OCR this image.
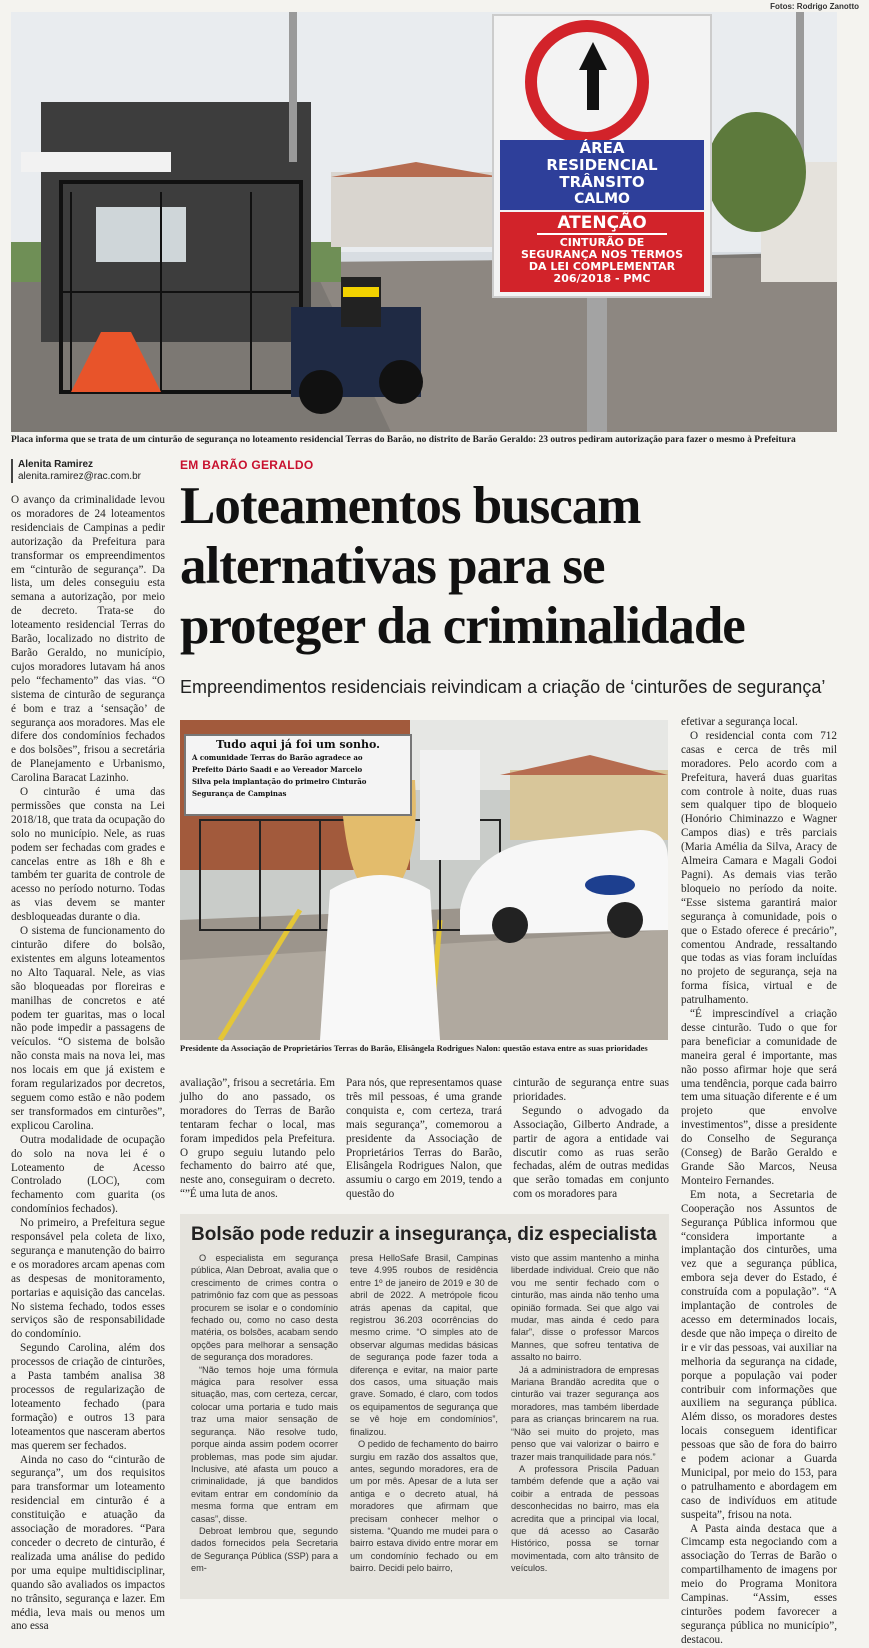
Fotos: Rodrigo Zanotto
ÁREA
RESIDENCIAL
TRÂNSITO
CALMO
ATENÇÃO
CINTURÃO DE
SEGURANÇA NOS TERMOS
DA LEI COMPLEMENTAR
206/2018 - PMC
Placa informa que se trata de um cinturão de segurança no loteamento residencial Terras do Barão, no distrito de Barão Geraldo: 23 outros pediram autorização para fazer o mesmo à Prefeitura
Alenita Ramirez
alenita.ramirez@rac.com.br
EM BARÃO GERALDO
Loteamentos buscam
alternativas para se
proteger da criminalidade
Empreendimentos residenciais reivindicam a criação de ‘cinturões de segurança’

O avanço da criminalidade levou os moradores de 24 loteamentos residenciais de Campinas a pedir autorização da Prefeitura para transformar os empreendimentos em “cinturão de segurança”. Da lista, um deles conseguiu esta semana a autorização, por meio de decreto. Trata-se do loteamento residencial Terras do Barão, localizado no distrito de Barão Geraldo, no município, cujos moradores lutavam há anos pelo “fechamento” das vias. “O sistema de cinturão de segurança é bom e traz a ‘sensação’ de segurança aos moradores. Mas ele difere dos condomínios fechados e dos bolsões”, frisou a secretária de Planejamento e Urbanismo, Carolina Baracat Lazinho.

O cinturão é uma das permissões que consta na Lei 2018/18, que trata da ocupação do solo no município. Nele, as ruas podem ser fechadas com grades e cancelas entre as 18h e 8h e também ter guarita de controle de acesso no período noturno. Todas as vias devem se manter desbloqueadas durante o dia.

O sistema de funcionamento do cinturão difere do bolsão, existentes em alguns loteamentos no Alto Taquaral. Nele, as vias são bloqueadas por floreiras e manilhas de concretos e até podem ter guaritas, mas o local não pode impedir a passagens de veículos. “O sistema de bolsão não consta mais na nova lei, mas nos locais em que já existem e foram regularizados por decretos, seguem como estão e não podem ser transformados em cinturões”, explicou Carolina.

Outra modalidade de ocupação do solo na nova lei é o Loteamento de Acesso Controlado (LOC), com fechamento com guarita (os condomínios fechados).

No primeiro, a Prefeitura segue responsável pela coleta de lixo, segurança e manutenção do bairro e os moradores arcam apenas com as despesas de monitoramento, portarias e aquisição das cancelas. No sistema fechado, todos esses serviços são de responsabilidade do condomínio.

Segundo Carolina, além dos processos de criação de cinturões, a Pasta também analisa 38 processos de regularização de loteamento fechado (para formação) e outros 13 para loteamentos que nasceram abertos mas querem ser fechados.

Ainda no caso do “cinturão de segurança”, um dos requisitos para transformar um loteamento residencial em cinturão é a constituição e atuação da associação de moradores. “Para conceder o decreto de cinturão, é realizada uma análise do pedido por uma equipe multidisciplinar, quando são avaliados os impactos no trânsito, segurança e lazer. Em média, leva mais ou menos um ano essa

Tudo aqui já foi um sonho.
A comunidade Terras do Barão agradece ao
Prefeito Dário Saadi e ao Vereador Marcelo
Silva pela implantação do primeiro Cinturão
Segurança de Campinas
Presidente da Associação de Proprietários Terras do Barão, Elisângela Rodrigues Nalon: questão estava entre as suas prioridades

avaliação”, frisou a secretária. Em julho do ano passado, os moradores do Terras de Barão tentaram fechar o local, mas foram impedidos pela Prefeitura. O grupo seguiu lutando pelo fechamento do bairro até que, neste ano, conseguiram o decreto. “”É uma luta de anos.

Para nós, que representamos quase três mil pessoas, é uma grande conquista e, com certeza, trará mais segurança”, comemorou a presidente da Associação de Proprietários Terras do Barão, Elisângela Rodrigues Nalon, que assumiu o cargo em 2019, tendo a questão do

cinturão de segurança entre suas prioridades.

Segundo o advogado da Associação, Gilberto Andrade, a partir de agora a entidade vai discutir como as ruas serão fechadas, além de outras medidas que serão tomadas em conjunto com os moradores para

efetivar a segurança local.

O residencial conta com 712 casas e cerca de três mil moradores. Pelo acordo com a Prefeitura, haverá duas guaritas com controle à noite, duas ruas sem qualquer tipo de bloqueio (Honório Chiminazzo e Wagner Campos dias) e três parciais (Maria Amélia da Silva, Aracy de Almeira Camara e Magali Godoi Pagni). As demais vias terão bloqueio no período da noite. “Esse sistema garantirá maior segurança à comunidade, pois o que o Estado oferece é precário”, comentou Andrade, ressaltando que todas as vias foram incluídas no projeto de segurança, seja na forma física, virtual e de patrulhamento.

“É imprescindível a criação desse cinturão. Tudo o que for para beneficiar a comunidade de maneira geral é importante, mas não posso afirmar hoje que será uma tendência, porque cada bairro tem uma situação diferente e é um projeto que envolve investimentos”, disse a presidente do Conselho de Segurança (Conseg) de Barão Geraldo e Grande São Marcos, Neusa Monteiro Fernandes.

Em nota, a Secretaria de Cooperação nos Assuntos de Segurança Pública informou que “considera importante a implantação dos cinturões, uma vez que a segurança pública, embora seja dever do Estado, é construída com a população”. “A implantação de controles de acesso em determinados locais, desde que não impeça o direito de ir e vir das pessoas, vai auxiliar na melhoria da segurança na cidade, porque a população vai poder contribuir com informações que auxiliem na segurança pública. Além disso, os moradores destes locais conseguem identificar pessoas que são de fora do bairro e podem acionar a Guarda Municipal, por meio do 153, para o patrulhamento e abordagem em caso de indivíduos em atitude suspeita”, frisou na nota.

A Pasta ainda destaca que a Cimcamp esta negociando com a associação do Terras de Barão o compartilhamento de imagens por meio do Programa Monitora Campinas. “Assim, esses cinturões podem favorecer a segurança pública no município”, destacou.

Bolsão pode reduzir a insegurança, diz especialista

O especialista em segurança pública, Alan Debroat, avalia que o crescimento de crimes contra o patrimônio faz com que as pessoas procurem se isolar e o condomínio fechado ou, como no caso desta matéria, os bolsões, acabam sendo opções para melhorar a sensação de segurança dos moradores.

“Não temos hoje uma fórmula mágica para resolver essa situação, mas, com certeza, cercar, colocar uma portaria e tudo mais traz uma maior sensação de segurança. Não resolve tudo, porque ainda assim podem ocorrer problemas, mas pode sim ajudar. Inclusive, até afasta um pouco a criminalidade, já que bandidos evitam entrar em condomínio da mesma forma que entram em casas”, disse.

Debroat lembrou que, segundo dados fornecidos pela Secretaria de Segurança Pública (SSP) para a em-

presa HelloSafe Brasil, Campinas teve 4.995 roubos de residência entre 1º de janeiro de 2019 e 30 de abril de 2022. A metrópole ficou atrás apenas da capital, que registrou 36.203 ocorrências do mesmo crime. “O simples ato de observar algumas medidas básicas de segurança pode fazer toda a diferença e evitar, na maior parte dos casos, uma situação mais grave. Somado, é claro, com todos os equipamentos de segurança que se vê hoje em condomínios”, finalizou.

O pedido de fechamento do bairro surgiu em razão dos assaltos que, antes, segundo moradores, era de um por mês. Apesar de a luta ser antiga e o decreto atual, há moradores que afirmam que precisam conhecer melhor o sistema. “Quando me mudei para o bairro estava divido entre morar em um condomínio fechado ou em bairro. Decidi pelo bairro,

visto que assim mantenho a minha liberdade individual. Creio que não vou me sentir fechado com o cinturão, mas ainda não tenho uma opinião formada. Sei que algo vai mudar, mas ainda é cedo para falar”, disse o professor Marcos Mannes, que sofreu tentativa de assalto no bairro.

Já a administradora de empresas Mariana Brandão acredita que o cinturão vai trazer segurança aos moradores, mas também liberdade para as crianças brincarem na rua. “Não sei muito do projeto, mas penso que vai valorizar o bairro e trazer mais tranquilidade para nós.”

A professora Priscila Paduan também defende que a ação vai coibir a entrada de pessoas desconhecidas no bairro, mas ela acredita que a principal via local, que dá acesso ao Casarão Histórico, possa se tornar movimentada, com alto trânsito de veículos.
